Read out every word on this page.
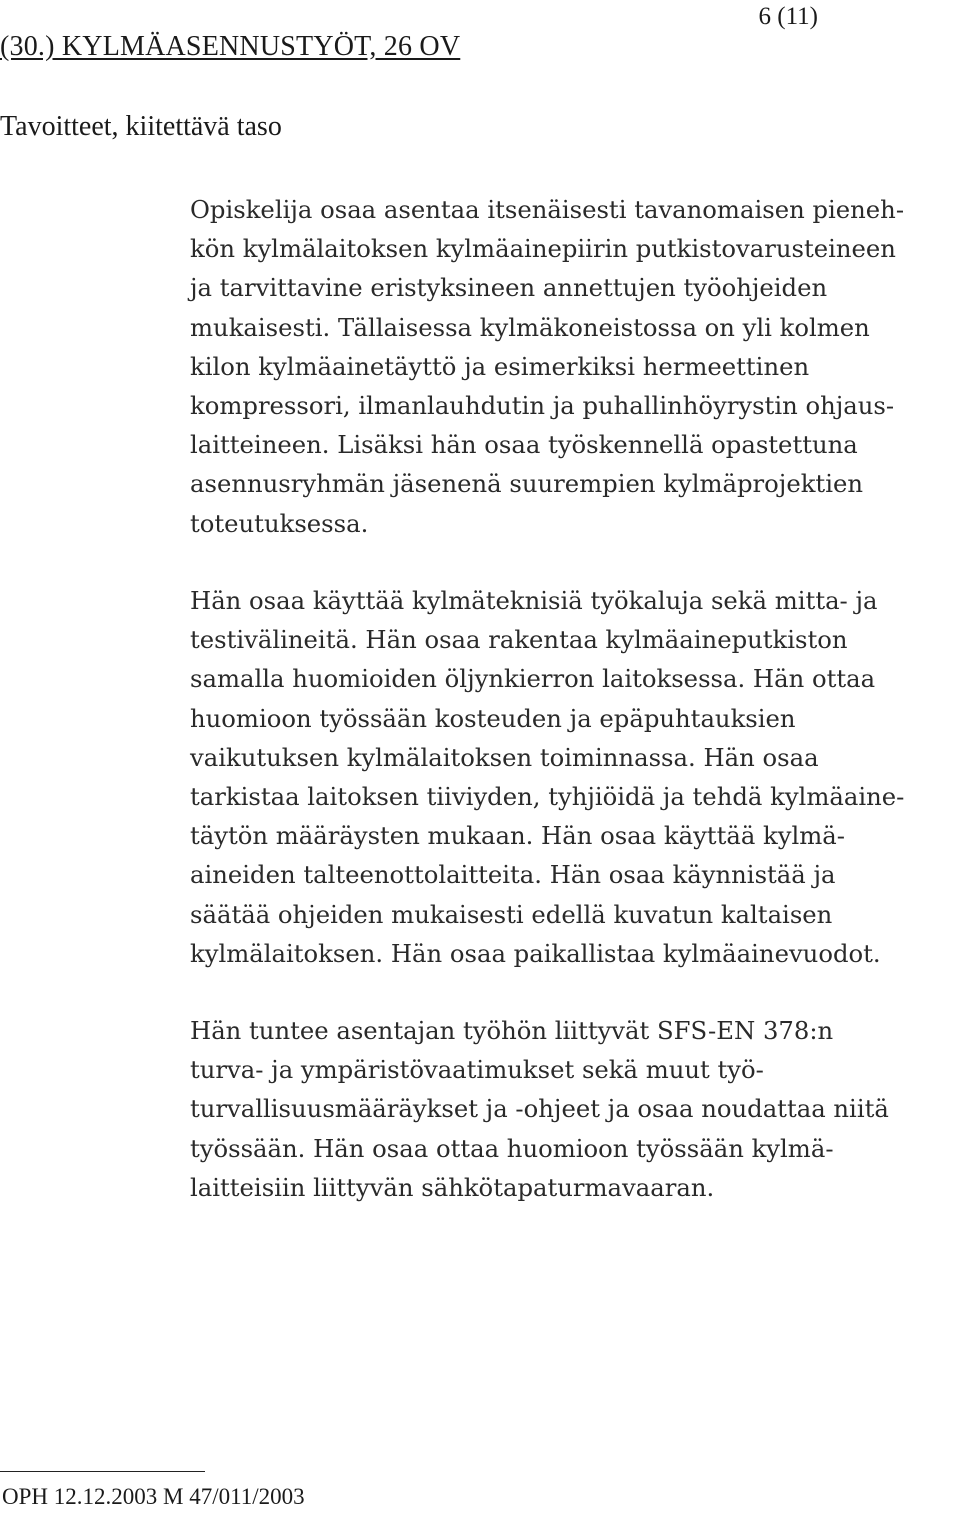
6 (11)
(30.) KYLMÄASENNUSTYÖT, 26 OV
Tavoitteet, kiitettävä taso
Opiskelija osaa asentaa itsenäisesti tavanomaisen pieneh-
kön kylmälaitoksen kylmäainepiirin putkistovarusteineen
ja tarvittavine eristyksineen annettujen työohjeiden
mukaisesti. Tällaisessa kylmäkoneistossa on yli kolmen
kilon kylmäainetäyttö ja esimerkiksi hermeettinen
kompressori, ilmanlauhdutin ja puhallinhöyrystin ohjaus-
laitteineen. Lisäksi hän osaa työskennellä opastettuna
asennusryhmän jäsenenä suurempien kylmäprojektien
toteutuksessa.
Hän osaa käyttää kylmäteknisiä työkaluja sekä mitta- ja
testivälineitä. Hän osaa rakentaa kylmäaineputkiston
samalla huomioiden öljynkierron laitoksessa. Hän ottaa
huomioon työssään kosteuden ja epäpuhtauksien
vaikutuksen kylmälaitoksen toiminnassa. Hän osaa
tarkistaa laitoksen tiiviyden, tyhjiöidä ja tehdä kylmäaine-
täytön määräysten mukaan. Hän osaa käyttää kylmä-
aineiden talteenottolaitteita. Hän osaa käynnistää ja
säätää ohjeiden mukaisesti edellä kuvatun kaltaisen
kylmälaitoksen. Hän osaa paikallistaa kylmäainevuodot.
Hän tuntee asentajan työhön liittyvät SFS-EN 378:n
turva- ja ympäristövaatimukset sekä muut työ-
turvallisuusmääräykset ja -ohjeet ja osaa noudattaa niitä
työssään. Hän osaa ottaa huomioon työssään kylmä-
laitteisiin liittyvän sähkötapaturmavaaran.
OPH 12.12.2003 M 47/011/2003
